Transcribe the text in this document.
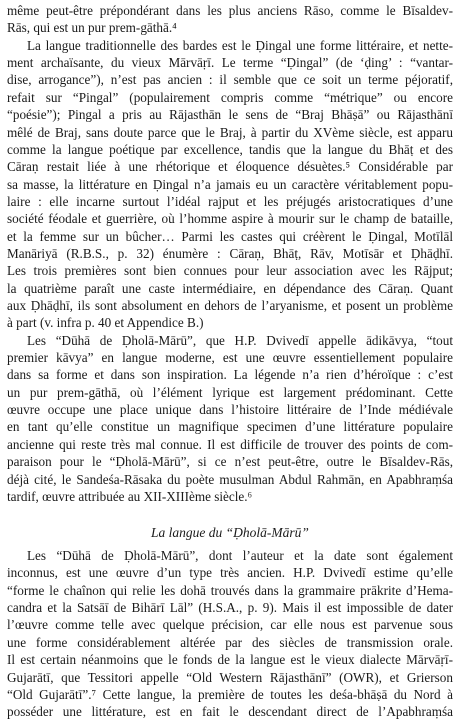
même peut-être prépondérant dans les plus anciens Rāso, comme le Bīsaldev-
Rās, qui est un pur prem-gāthā.⁴
La langue traditionnelle des bardes est le Ḍingal une forme littéraire, et nette-
ment archaïsante, du vieux Mārvāṛī. Le terme “Ḍingal” (de ‘ḍing’ : “vantar-
dise, arrogance”), n’est pas ancien : il semble que ce soit un terme péjoratif,
refait sur “Pingal” (populairement compris comme “métrique” ou encore
“poésie”); Pingal a pris au Rājasthān le sens de “Braj Bhāṣā” ou Rājasthānī
mêlé de Braj, sans doute parce que le Braj, à partir du XVème siècle, est apparu
comme la langue poétique par excellence, tandis que la langue du Bhāṭ et des
Cāraṇ restait liée à une rhétorique et éloquence désuètes.⁵ Considérable par
sa masse, la littérature en Ḍingal n’a jamais eu un caractère véritablement popu-
laire : elle incarne surtout l’idéal rajput et les préjugés aristocratiques d’une
société féodale et guerrière, où l’homme aspire à mourir sur le champ de bataille,
et la femme sur un bûcher… Parmi les castes qui créèrent le Ḍingal, Motīlāl
Manāriyā (R.B.S., p. 32) énumère : Cāraṇ, Bhāṭ, Rāv, Motīsār et Ḍhāḍhī.
Les trois premières sont bien connues pour leur association avec les Rājput;
la quatrième paraît une caste intermédiaire, en dépendance des Cāraṇ. Quant
aux Ḍhāḍhī, ils sont absolument en dehors de l’aryanisme, et posent un problème
à part (v. infra p. 40 et Appendice B.)
Les “Dūhā de Ḍholā-Mārū”, que H.P. Dvivedī appelle ādikāvya, “tout
premier kāvya” en langue moderne, est une œuvre essentiellement populaire
dans sa forme et dans son inspiration. La légende n’a rien d’héroïque : c’est
un pur prem-gāthā, où l’élément lyrique est largement prédominant. Cette
œuvre occupe une place unique dans l’histoire littéraire de l’Inde médiévale
en tant qu’elle constitue un magnifique specimen d’une littérature populaire
ancienne qui reste très mal connue. Il est difficile de trouver des points de com-
paraison pour le “Ḍholā-Mārū”, si ce n’est peut-être, outre le Bīsaldev-Rās,
déjà cité, le Sandeśa-Rāsaka du poète musulman Abdul Rahmān, en Apabhraṃśa
tardif, œuvre attribuée au XII-XIIIème siècle.⁶
La langue du “Ḍholā-Mārū”
Les “Dūhā de Ḍholā-Mārū”, dont l’auteur et la date sont également
inconnus, est une œuvre d’un type très ancien. H.P. Dvivedī estime qu’elle
“forme le chaînon qui relie les dohā trouvés dans la grammaire prākrite d’Hema-
candra et la Satsāī de Bihārī Lāl” (H.S.A., p. 9). Mais il est impossible de dater
l’œuvre comme telle avec quelque précision, car elle nous est parvenue sous
une forme considérablement altérée par des siècles de transmission orale.
Il est certain néanmoins que le fonds de la langue est le vieux dialecte Mārvāṛī-
Gujarātī, que Tessitori appelle “Old Western Rājasthānī” (OWR), et Grierson
“Old Gujarātī”.⁷ Cette langue, la première de toutes les deśa-bhāṣā du Nord à
posséder une littérature, est en fait le descendant direct de l’Apabhraṃśa
